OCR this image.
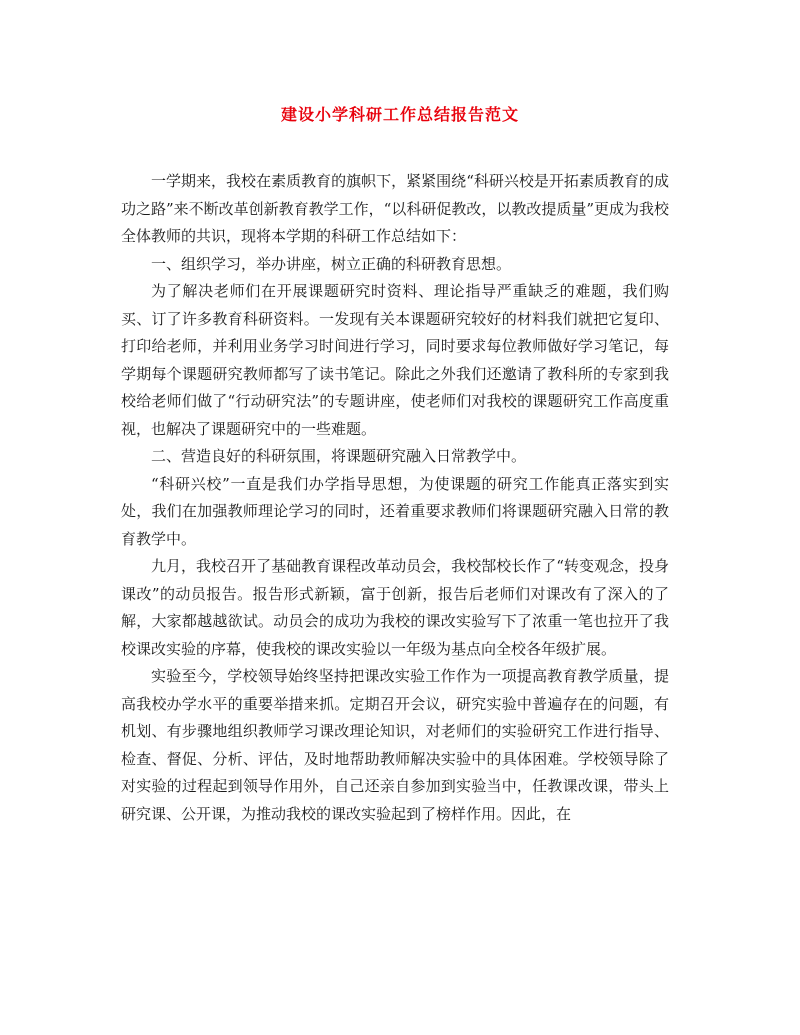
建设小学科研工作总结报告范文

一学期来，我校在素质教育的旗帜下，紧紧围绕“科研兴校是开拓素质教育的成功之路”来不断改革创新教育教学工作，“以科研促教改，以教改提质量”更成为我校全体教师的共识，现将本学期的科研工作总结如下：

一、组织学习，举办讲座，树立正确的科研教育思想。

为了解决老师们在开展课题研究时资料、理论指导严重缺乏的难题，我们购买、订了许多教育科研资料。一发现有关本课题研究较好的材料我们就把它复印、打印给老师，并利用业务学习时间进行学习，同时要求每位教师做好学习笔记，每学期每个课题研究教师都写了读书笔记。除此之外我们还邀请了教科所的专家到我校给老师们做了“行动研究法”的专题讲座，使老师们对我校的课题研究工作高度重视，也解决了课题研究中的一些难题。

二、营造良好的科研氛围，将课题研究融入日常教学中。

“科研兴校”一直是我们办学指导思想，为使课题的研究工作能真正落实到实处，我们在加强教师理论学习的同时，还着重要求教师们将课题研究融入日常的教育教学中。

九月，我校召开了基础教育课程改革动员会，我校郜校长作了“转变观念，投身课改”的动员报告。报告形式新颖，富于创新，报告后老师们对课改有了深入的了解，大家都越越欲试。动员会的成功为我校的课改实验写下了浓重一笔也拉开了我校课改实验的序幕，使我校的课改实验以一年级为基点向全校各年级扩展。

实验至今，学校领导始终坚持把课改实验工作作为一项提高教育教学质量，提高我校办学水平的重要举措来抓。定期召开会议，研究实验中普遍存在的问题，有机划、有步骤地组织教师学习课改理论知识，对老师们的实验研究工作进行指导、检查、督促、分析、评估，及时地帮助教师解决实验中的具体困难。学校领导除了对实验的过程起到领导作用外，自己还亲自参加到实验当中，任教课改课，带头上研究课、公开课，为推动我校的课改实验起到了榜样作用。因此，在
